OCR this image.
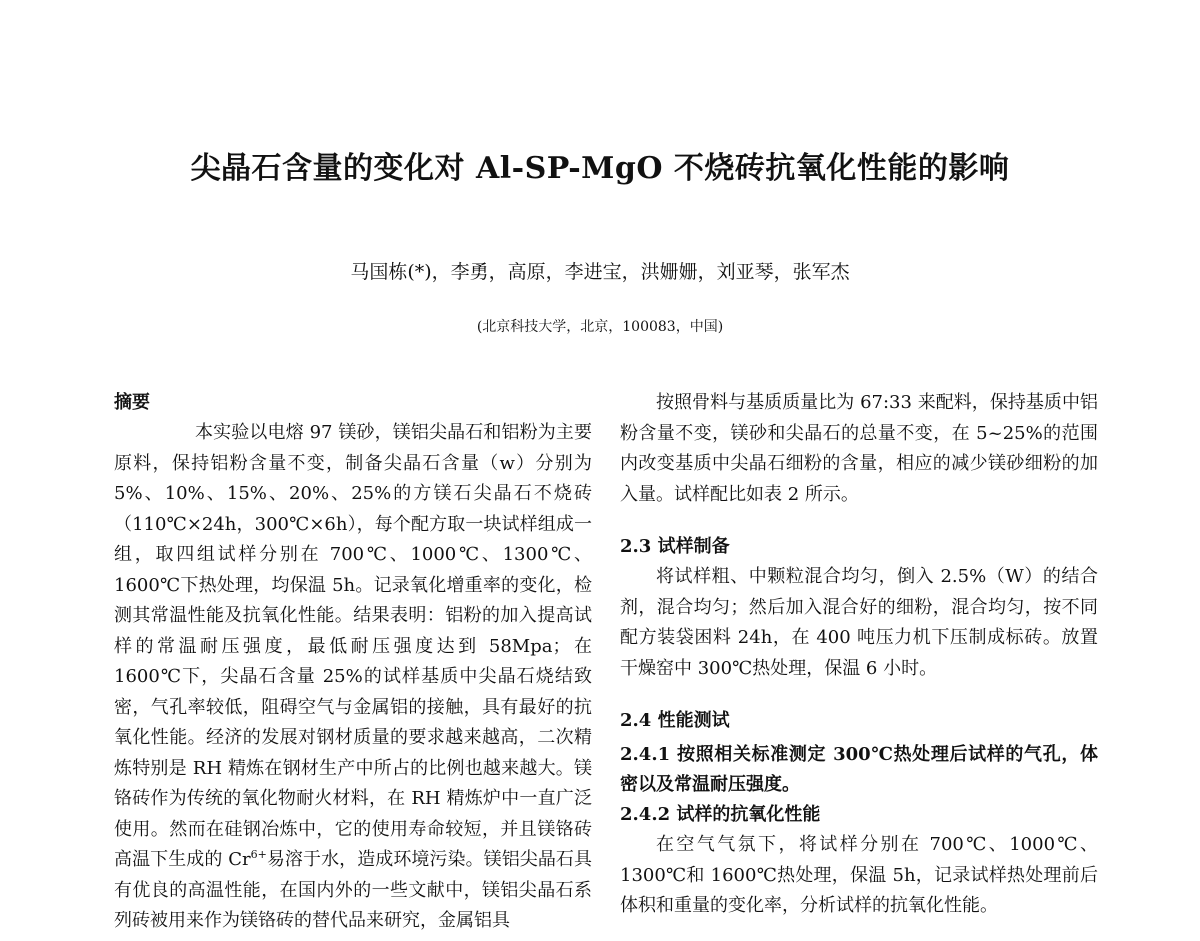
尖晶石含量的变化对 Al-SP-MgO 不烧砖抗氧化性能的影响
马国栋(*)，李勇，高原，李进宝，洪姗姗，刘亚琴，张军杰
(北京科技大学，北京，100083，中国)
摘要

本实验以电熔 97 镁砂，镁铝尖晶石和铝粉为主要原料，保持铝粉含量不变，制备尖晶石含量（w）分别为 5%、10%、15%、20%、25%的方镁石尖晶石不烧砖（110℃×24h，300℃×6h），每个配方取一块试样组成一组，取四组试样分别在 700℃、1000℃、1300℃、1600℃下热处理，均保温 5h。记录氧化增重率的变化，检测其常温性能及抗氧化性能。结果表明：铝粉的加入提高试样的常温耐压强度，最低耐压强度达到 58Mpa；在 1600℃下，尖晶石含量 25%的试样基质中尖晶石烧结致密，气孔率较低，阻碍空气与金属铝的接触，具有最好的抗氧化性能。经济的发展对钢材质量的要求越来越高，二次精炼特别是 RH 精炼在钢材生产中所占的比例也越来越大。镁铬砖作为传统的氧化物耐火材料，在 RH 精炼炉中一直广泛使用。然而在硅钢冶炼中，它的使用寿命较短，并且镁铬砖高温下生成的 $Cr^{6+}$易溶于水，造成环境污染。镁铝尖晶石具有优良的高温性能，在国内外的一些文献中，镁铝尖晶石系列砖被用来作为镁铬砖的替代品来研究，金属铝具

按照骨料与基质质量比为 67:33 来配料，保持基质中铝粉含量不变，镁砂和尖晶石的总量不变，在 5~25%的范围内改变基质中尖晶石细粉的含量，相应的减少镁砂细粉的加入量。试样配比如表 2 所示。

2.3 试样制备

将试样粗、中颗粒混合均匀，倒入 2.5%（W）的结合剂，混合均匀；然后加入混合好的细粉，混合均匀，按不同配方装袋困料 24h，在 400 吨压力机下压制成标砖。放置干燥窑中 300℃热处理，保温 6 小时。

2.4 性能测试

2.4.1 按照相关标准测定 300℃热处理后试样的气孔，体密以及常温耐压强度。

2.4.2 试样的抗氧化性能

在空气气氛下，将试样分别在 700℃、1000℃、1300℃和 1600℃热处理，保温 5h，记录试样热处理前后体积和重量的变化率，分析试样的抗氧化性能。
